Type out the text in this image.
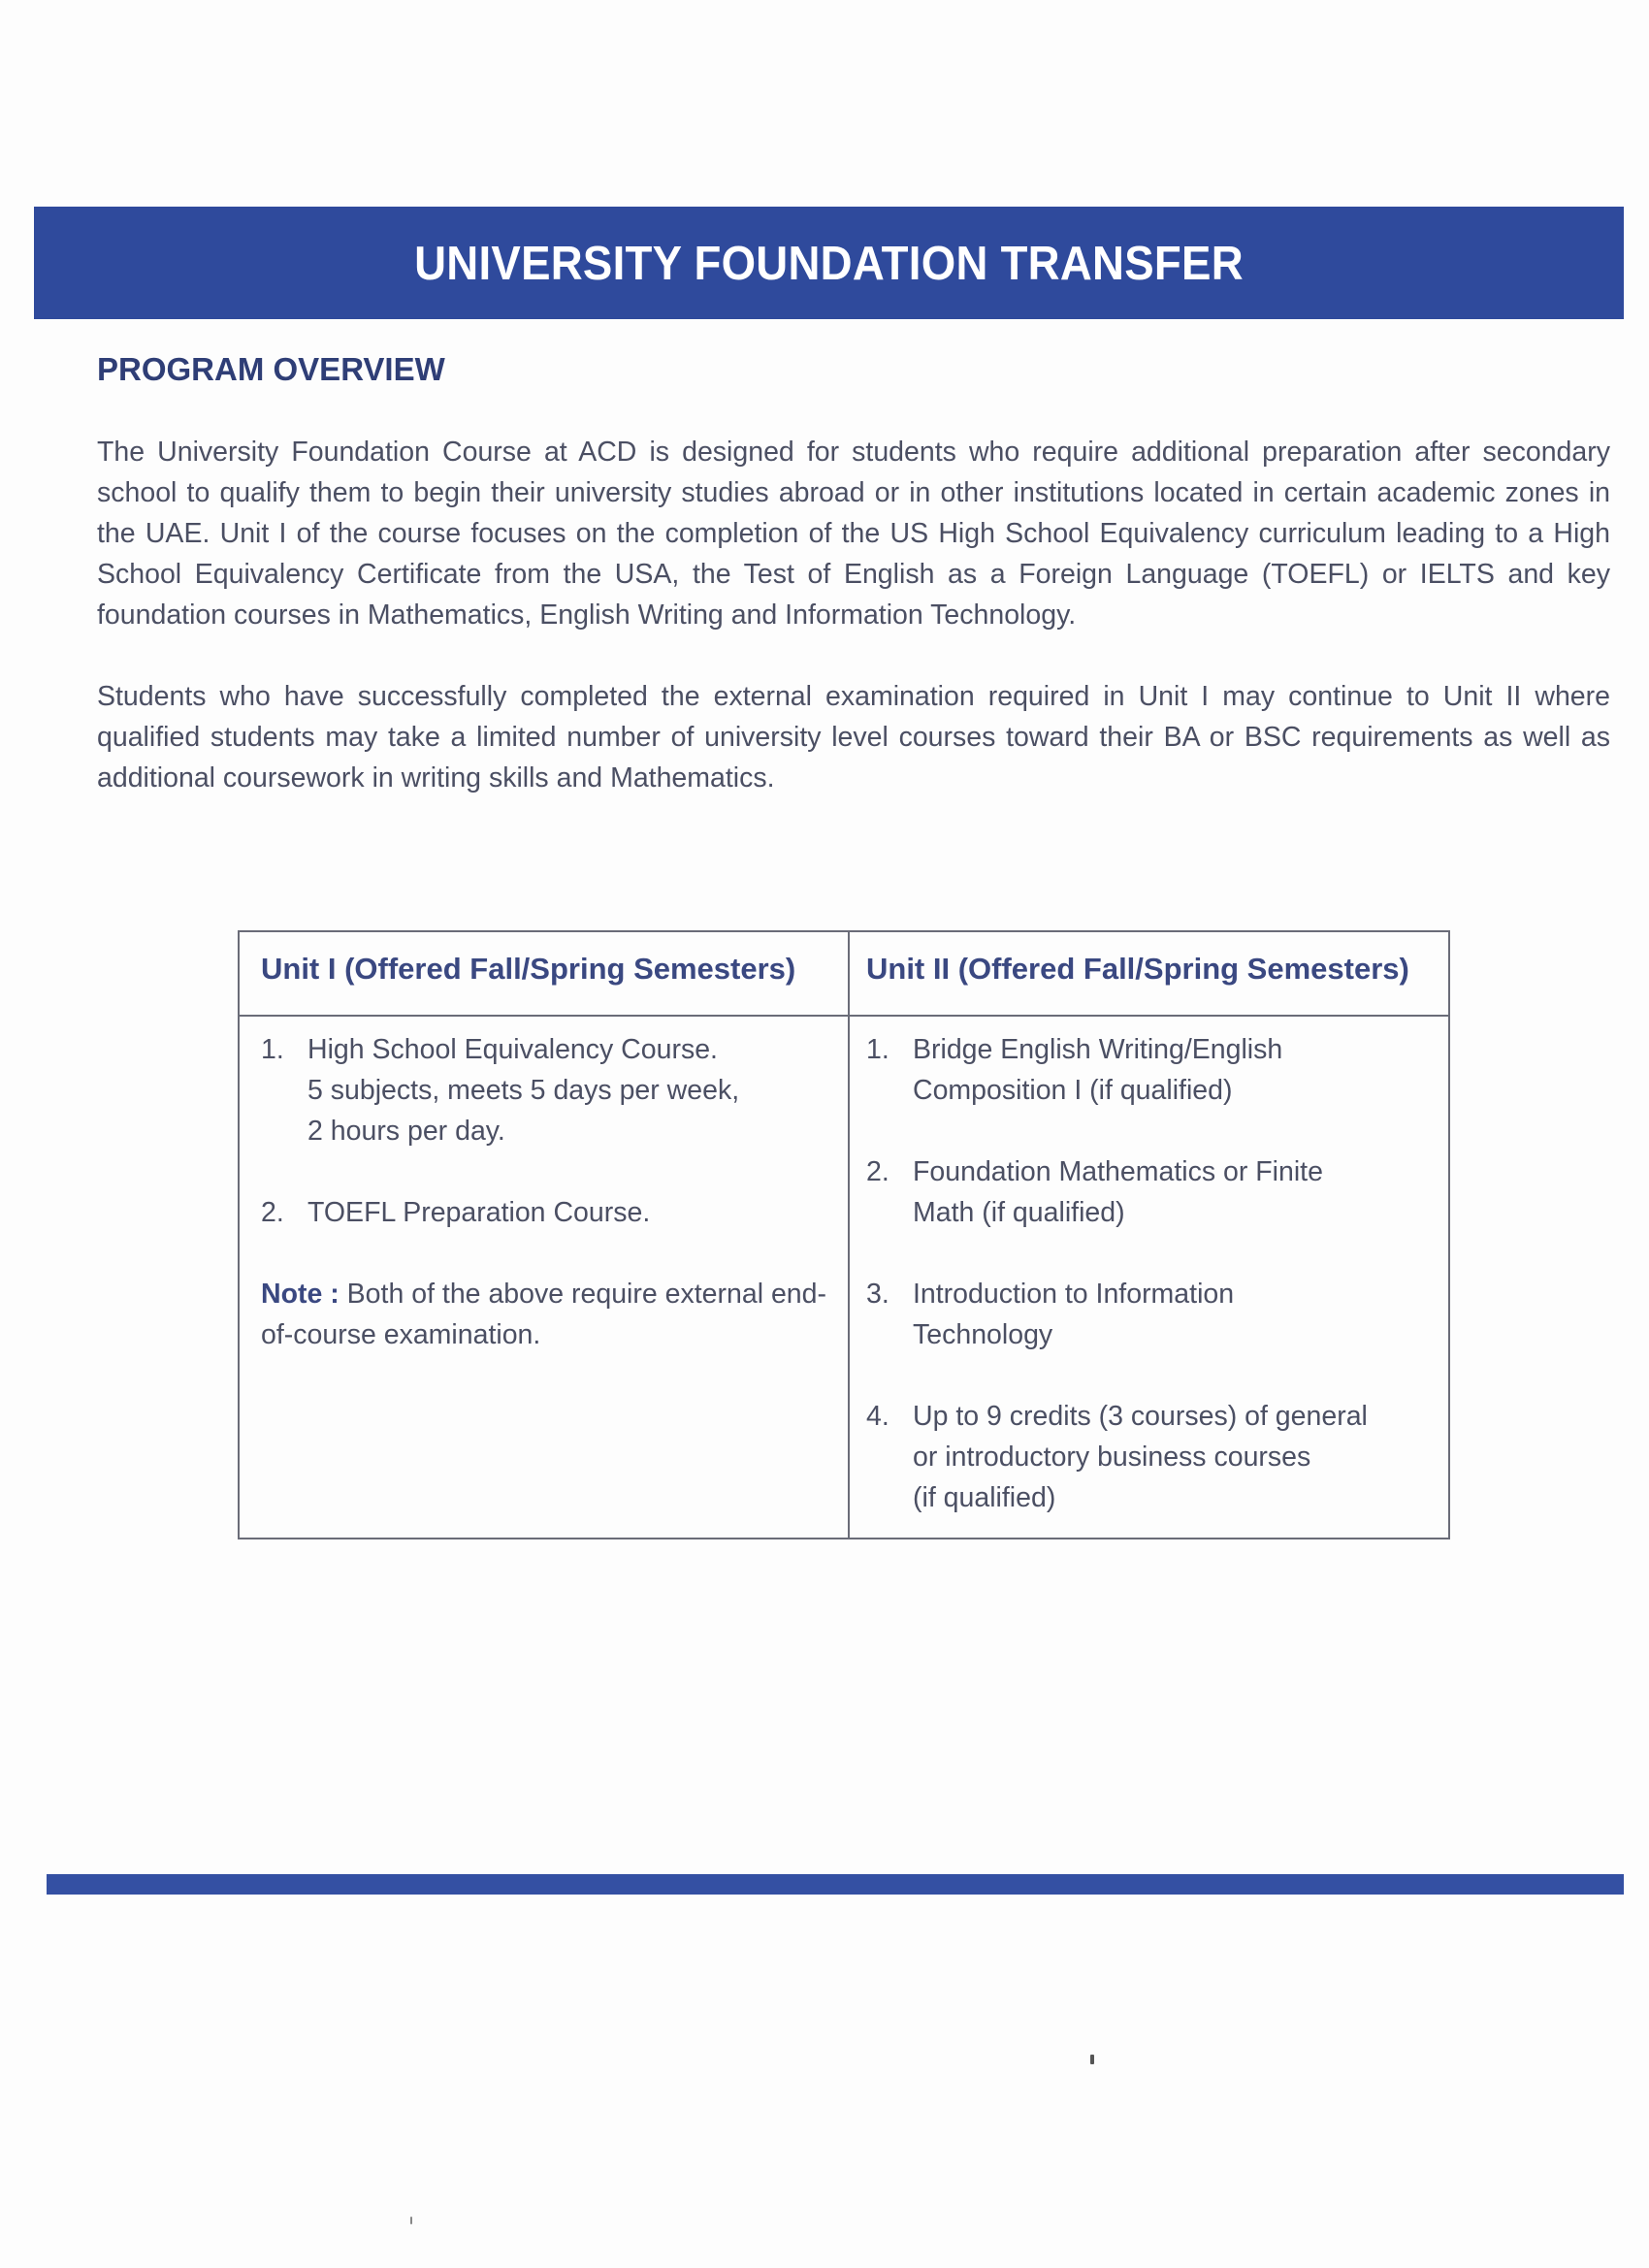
UNIVERSITY FOUNDATION TRANSFER
PROGRAM OVERVIEW

The University Foundation Course at ACD is designed for students who require additional preparation after secondary school to qualify them to begin their university studies abroad or in other institutions located in certain academic zones in the UAE. Unit I of the course focuses on the completion of the US High School Equivalency curriculum leading to a High School Equivalency Certificate from the USA, the Test of English as a Foreign Language (TOEFL) or IELTS and key foundation courses in Mathematics, English Writing and Information Technology.

Students who have successfully completed the external examination required in Unit I may continue to Unit II where qualified students may take a limited number of university level courses toward their BA or BSC requirements as well as additional coursework in writing skills and Mathematics.

Unit I (Offered Fall/Spring Semesters) Unit II (Offered Fall/Spring Semesters)
1. High School Equivalency Course.
5 subjects, meets 5 days per week,
2 hours per day.
2. TOEFL Preparation Course.
Note : Both of the above require external end-of-course examination.
1. Bridge English Writing/English
Composition I (if qualified)
2. Foundation Mathematics or Finite
Math (if qualified)
3. Introduction to Information
Technology
4. Up to 9 credits (3 courses) of general
or introductory business courses
(if qualified)
